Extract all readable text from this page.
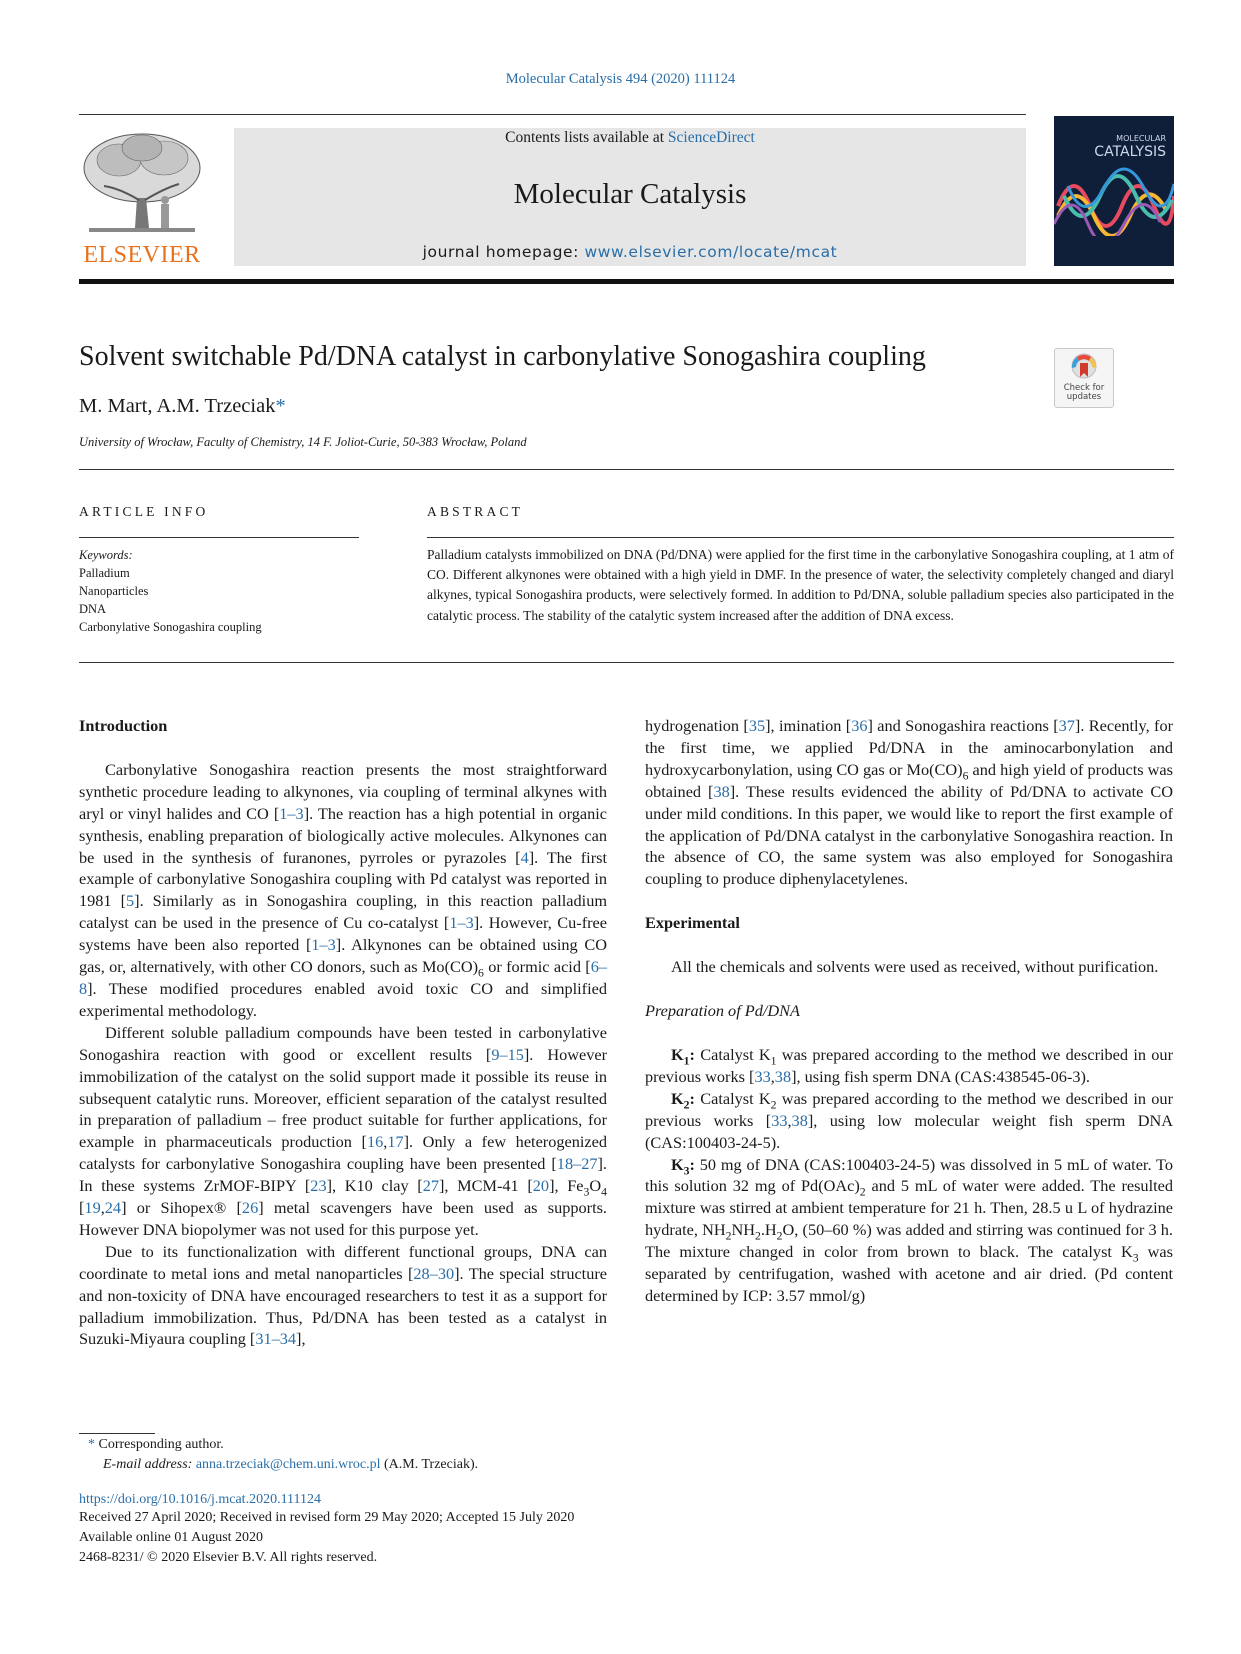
Molecular Catalysis 494 (2020) 111124
ELSEVIER
Contents lists available at ScienceDirect
Molecular Catalysis
journal homepage: www.elsevier.com/locate/mcat
MOLECULAR
CATALYSIS
Solvent switchable Pd/DNA catalyst in carbonylative Sonogashira coupling
M. Mart, A.M. Trzeciak*
University of Wrocław, Faculty of Chemistry, 14 F. Joliot-Curie, 50-383 Wrocław, Poland
Check for updates
ARTICLE INFO	ABSTRACT
Keywords:
Palladium
Nanoparticles
DNA
Carbonylative Sonogashira coupling
Palladium catalysts immobilized on DNA (Pd/DNA) were applied for the first time in the carbonylative Sonogashira coupling, at 1 atm of CO. Different alkynones were obtained with a high yield in DMF. In the presence of water, the selectivity completely changed and diaryl alkynes, typical Sonogashira products, were selectively formed. In addition to Pd/DNA, soluble palladium species also participated in the catalytic process. The stability of the catalytic system increased after the addition of DNA excess.
Introduction

Carbonylative Sonogashira reaction presents the most straightforward synthetic procedure leading to alkynones, via coupling of terminal alkynes with aryl or vinyl halides and CO [1–3]. The reaction has a high potential in organic synthesis, enabling preparation of biologically active molecules. Alkynones can be used in the synthesis of furanones, pyrroles or pyrazoles [4]. The first example of carbonylative Sonogashira coupling with Pd catalyst was reported in 1981 [5]. Similarly as in Sonogashira coupling, in this reaction palladium catalyst can be used in the presence of Cu co-catalyst [1–3]. However, Cu-free systems have been also reported [1–3]. Alkynones can be obtained using CO gas, or, alternatively, with other CO donors, such as $Mo(CO)_6$ or formic acid [6–8]. These modified procedures enabled avoid toxic CO and simplified experimental methodology.

Different soluble palladium compounds have been tested in carbonylative Sonogashira reaction with good or excellent results [9–15]. However immobilization of the catalyst on the solid support made it possible its reuse in subsequent catalytic runs. Moreover, efficient separation of the catalyst resulted in preparation of palladium – free product suitable for further applications, for example in pharmaceuticals production [16,17]. Only a few heterogenized catalysts for carbonylative Sonogashira coupling have been presented [18–27]. In these systems ZrMOF-BIPY [23], K10 clay [27], MCM-41 [20], $Fe_3O_4$ [19,24] or Sihopex® [26] metal scavengers have been used as supports. However DNA biopolymer was not used for this purpose yet.

Due to its functionalization with different functional groups, DNA can coordinate to metal ions and metal nanoparticles [28–30]. The special structure and non-toxicity of DNA have encouraged researchers to test it as a support for palladium immobilization. Thus, Pd/DNA has been tested as a catalyst in Suzuki-Miyaura coupling [31–34],

hydrogenation [35], imination [36] and Sonogashira reactions [37]. Recently, for the first time, we applied Pd/DNA in the aminocarbonylation and hydroxycarbonylation, using CO gas or $Mo(CO)_6$ and high yield of products was obtained [38]. These results evidenced the ability of Pd/DNA to activate CO under mild conditions. In this paper, we would like to report the first example of the application of Pd/DNA catalyst in the carbonylative Sonogashira reaction. In the absence of CO, the same system was also employed for Sonogashira coupling to produce diphenylacetylenes.

Experimental

All the chemicals and solvents were used as received, without purification.

Preparation of Pd/DNA

$K_1$: Catalyst $K_1$ was prepared according to the method we described in our previous works [33,38], using fish sperm DNA (CAS:438545-06-3).

$K_2$: Catalyst $K_2$ was prepared according to the method we described in our previous works [33,38], using low molecular weight fish sperm DNA (CAS:100403-24-5).

$K_3$: 50 mg of DNA (CAS:100403-24-5) was dissolved in 5 mL of water. To this solution 32 mg of $Pd(OAc)_2$ and 5 mL of water were added. The resulted mixture was stirred at ambient temperature for 21 h. Then, 28.5 u L of hydrazine hydrate, $NH_2NH_2.H_2O$, (50–60 %) was added and stirring was continued for 3 h. The mixture changed in color from brown to black. The catalyst $K_3$ was separated by centrifugation, washed with acetone and air dried. (Pd content determined by ICP: 3.57 mmol/g)

* Corresponding author.
E-mail address: anna.trzeciak@chem.uni.wroc.pl (A.M. Trzeciak).
https://doi.org/10.1016/j.mcat.2020.111124
Received 27 April 2020; Received in revised form 29 May 2020; Accepted 15 July 2020
Available online 01 August 2020
2468-8231/ © 2020 Elsevier B.V. All rights reserved.
